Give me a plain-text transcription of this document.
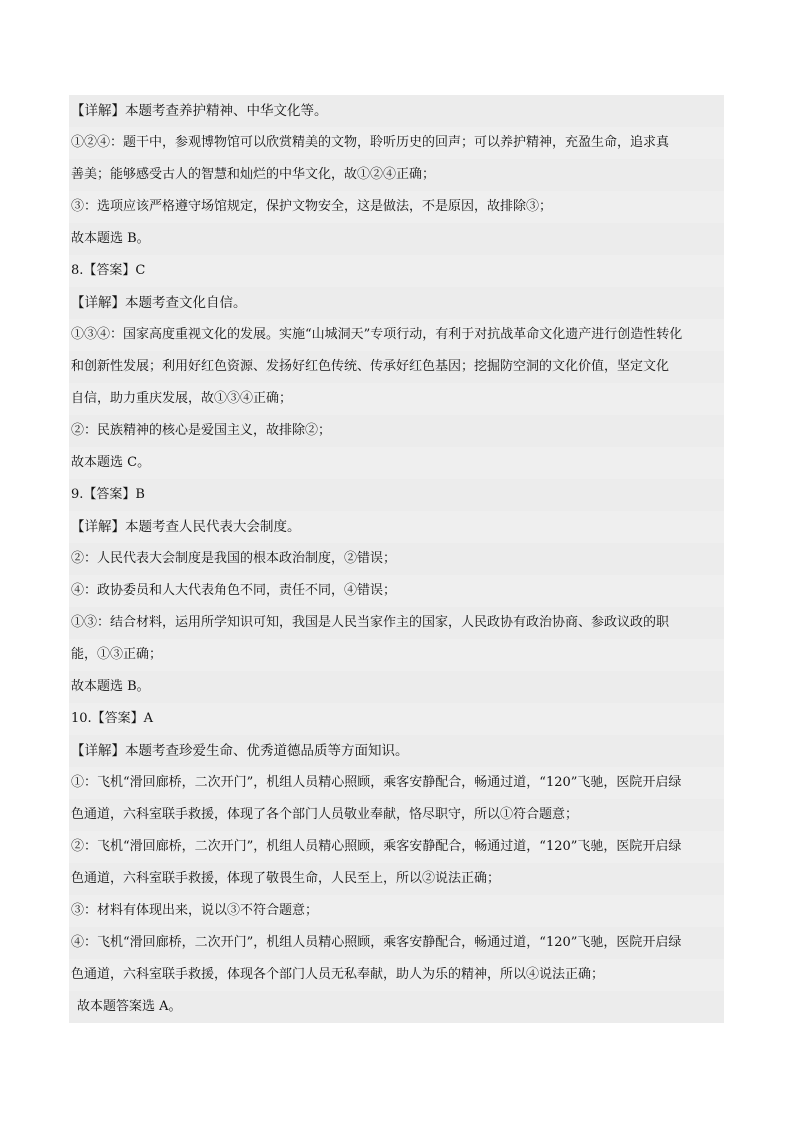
【详解】本题考查养护精神、中华文化等。
①②④：题干中，参观博物馆可以欣赏精美的文物，聆听历史的回声；可以养护精神，充盈生命，追求真
善美；能够感受古人的智慧和灿烂的中华文化，故①②④正确；
③：选项应该严格遵守场馆规定，保护文物安全，这是做法，不是原因，故排除③；
故本题选 B。
8.【答案】C
【详解】本题考查文化自信。
①③④：国家高度重视文化的发展。实施“山城洞天”专项行动，有利于对抗战革命文化遗产进行创造性转化
和创新性发展；利用好红色资源、发扬好红色传统、传承好红色基因；挖掘防空洞的文化价值，坚定文化
自信，助力重庆发展，故①③④正确；
②：民族精神的核心是爱国主义，故排除②；
故本题选 C。
9.【答案】B
【详解】本题考查人民代表大会制度。
②：人民代表大会制度是我国的根本政治制度，②错误；
④：政协委员和人大代表角色不同，责任不同，④错误；
①③：结合材料，运用所学知识可知，我国是人民当家作主的国家，人民政协有政治协商、参政议政的职
能，①③正确；
故本题选 B。
10.【答案】A
【详解】本题考查珍爱生命、优秀道德品质等方面知识。
①：飞机“滑回廊桥，二次开门”，机组人员精心照顾，乘客安静配合，畅通过道，“120”飞驰，医院开启绿
色通道，六科室联手救援，体现了各个部门人员敬业奉献，恪尽职守，所以①符合题意；
②：飞机“滑回廊桥，二次开门”，机组人员精心照顾，乘客安静配合，畅通过道，“120”飞驰，医院开启绿
色通道，六科室联手救援，体现了敬畏生命，人民至上，所以②说法正确；
③：材料有体现出来，说以③不符合题意；
④：飞机“滑回廊桥，二次开门”，机组人员精心照顾，乘客安静配合，畅通过道，“120”飞驰，医院开启绿
色通道，六科室联手救援，体现各个部门人员无私奉献，助人为乐的精神，所以④说法正确；
故本题答案选 A。
